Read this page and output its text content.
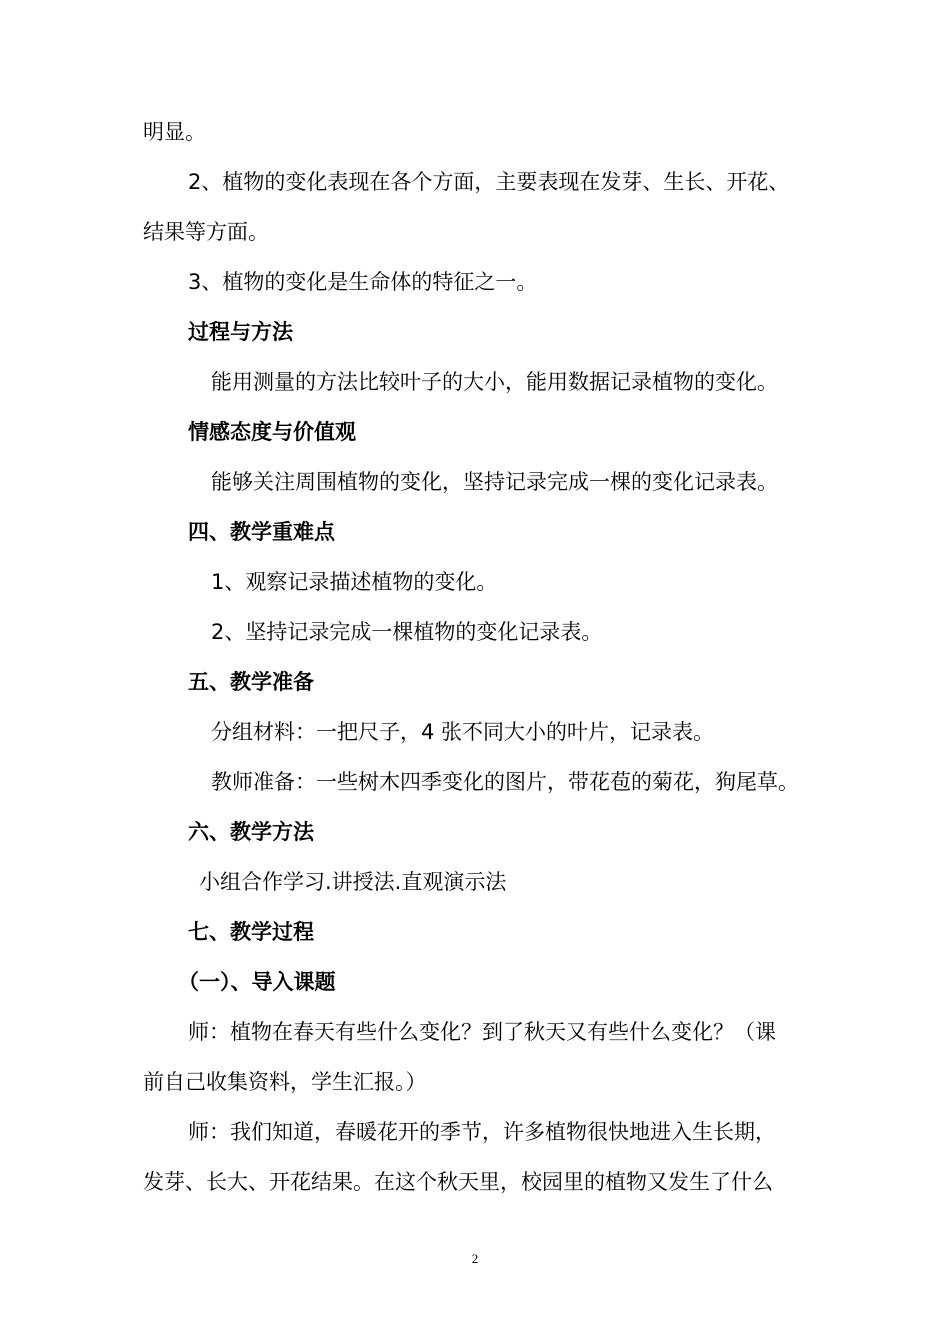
明显。
2、植物的变化表现在各个方面，主要表现在发芽、生长、开花、
结果等方面。
3、植物的变化是生命体的特征之一。
过程与方法
能用测量的方法比较叶子的大小，能用数据记录植物的变化。
情感态度与价值观
能够关注周围植物的变化，坚持记录完成一棵的变化记录表。
四、教学重难点
1、观察记录描述植物的变化。
2、坚持记录完成一棵植物的变化记录表。
五、教学准备
分组材料：一把尺子，4 张不同大小的叶片，记录表。
教师准备：一些树木四季变化的图片，带花苞的菊花，狗尾草。
六、教学方法
小组合作学习.讲授法.直观演示法
七、教学过程
（一）、导入课题
师：植物在春天有些什么变化？到了秋天又有些什么变化？（课
前自己收集资料，学生汇报。）
师：我们知道，春暖花开的季节，许多植物很快地进入生长期，
发芽、长大、开花结果。在这个秋天里，校园里的植物又发生了什么
2
